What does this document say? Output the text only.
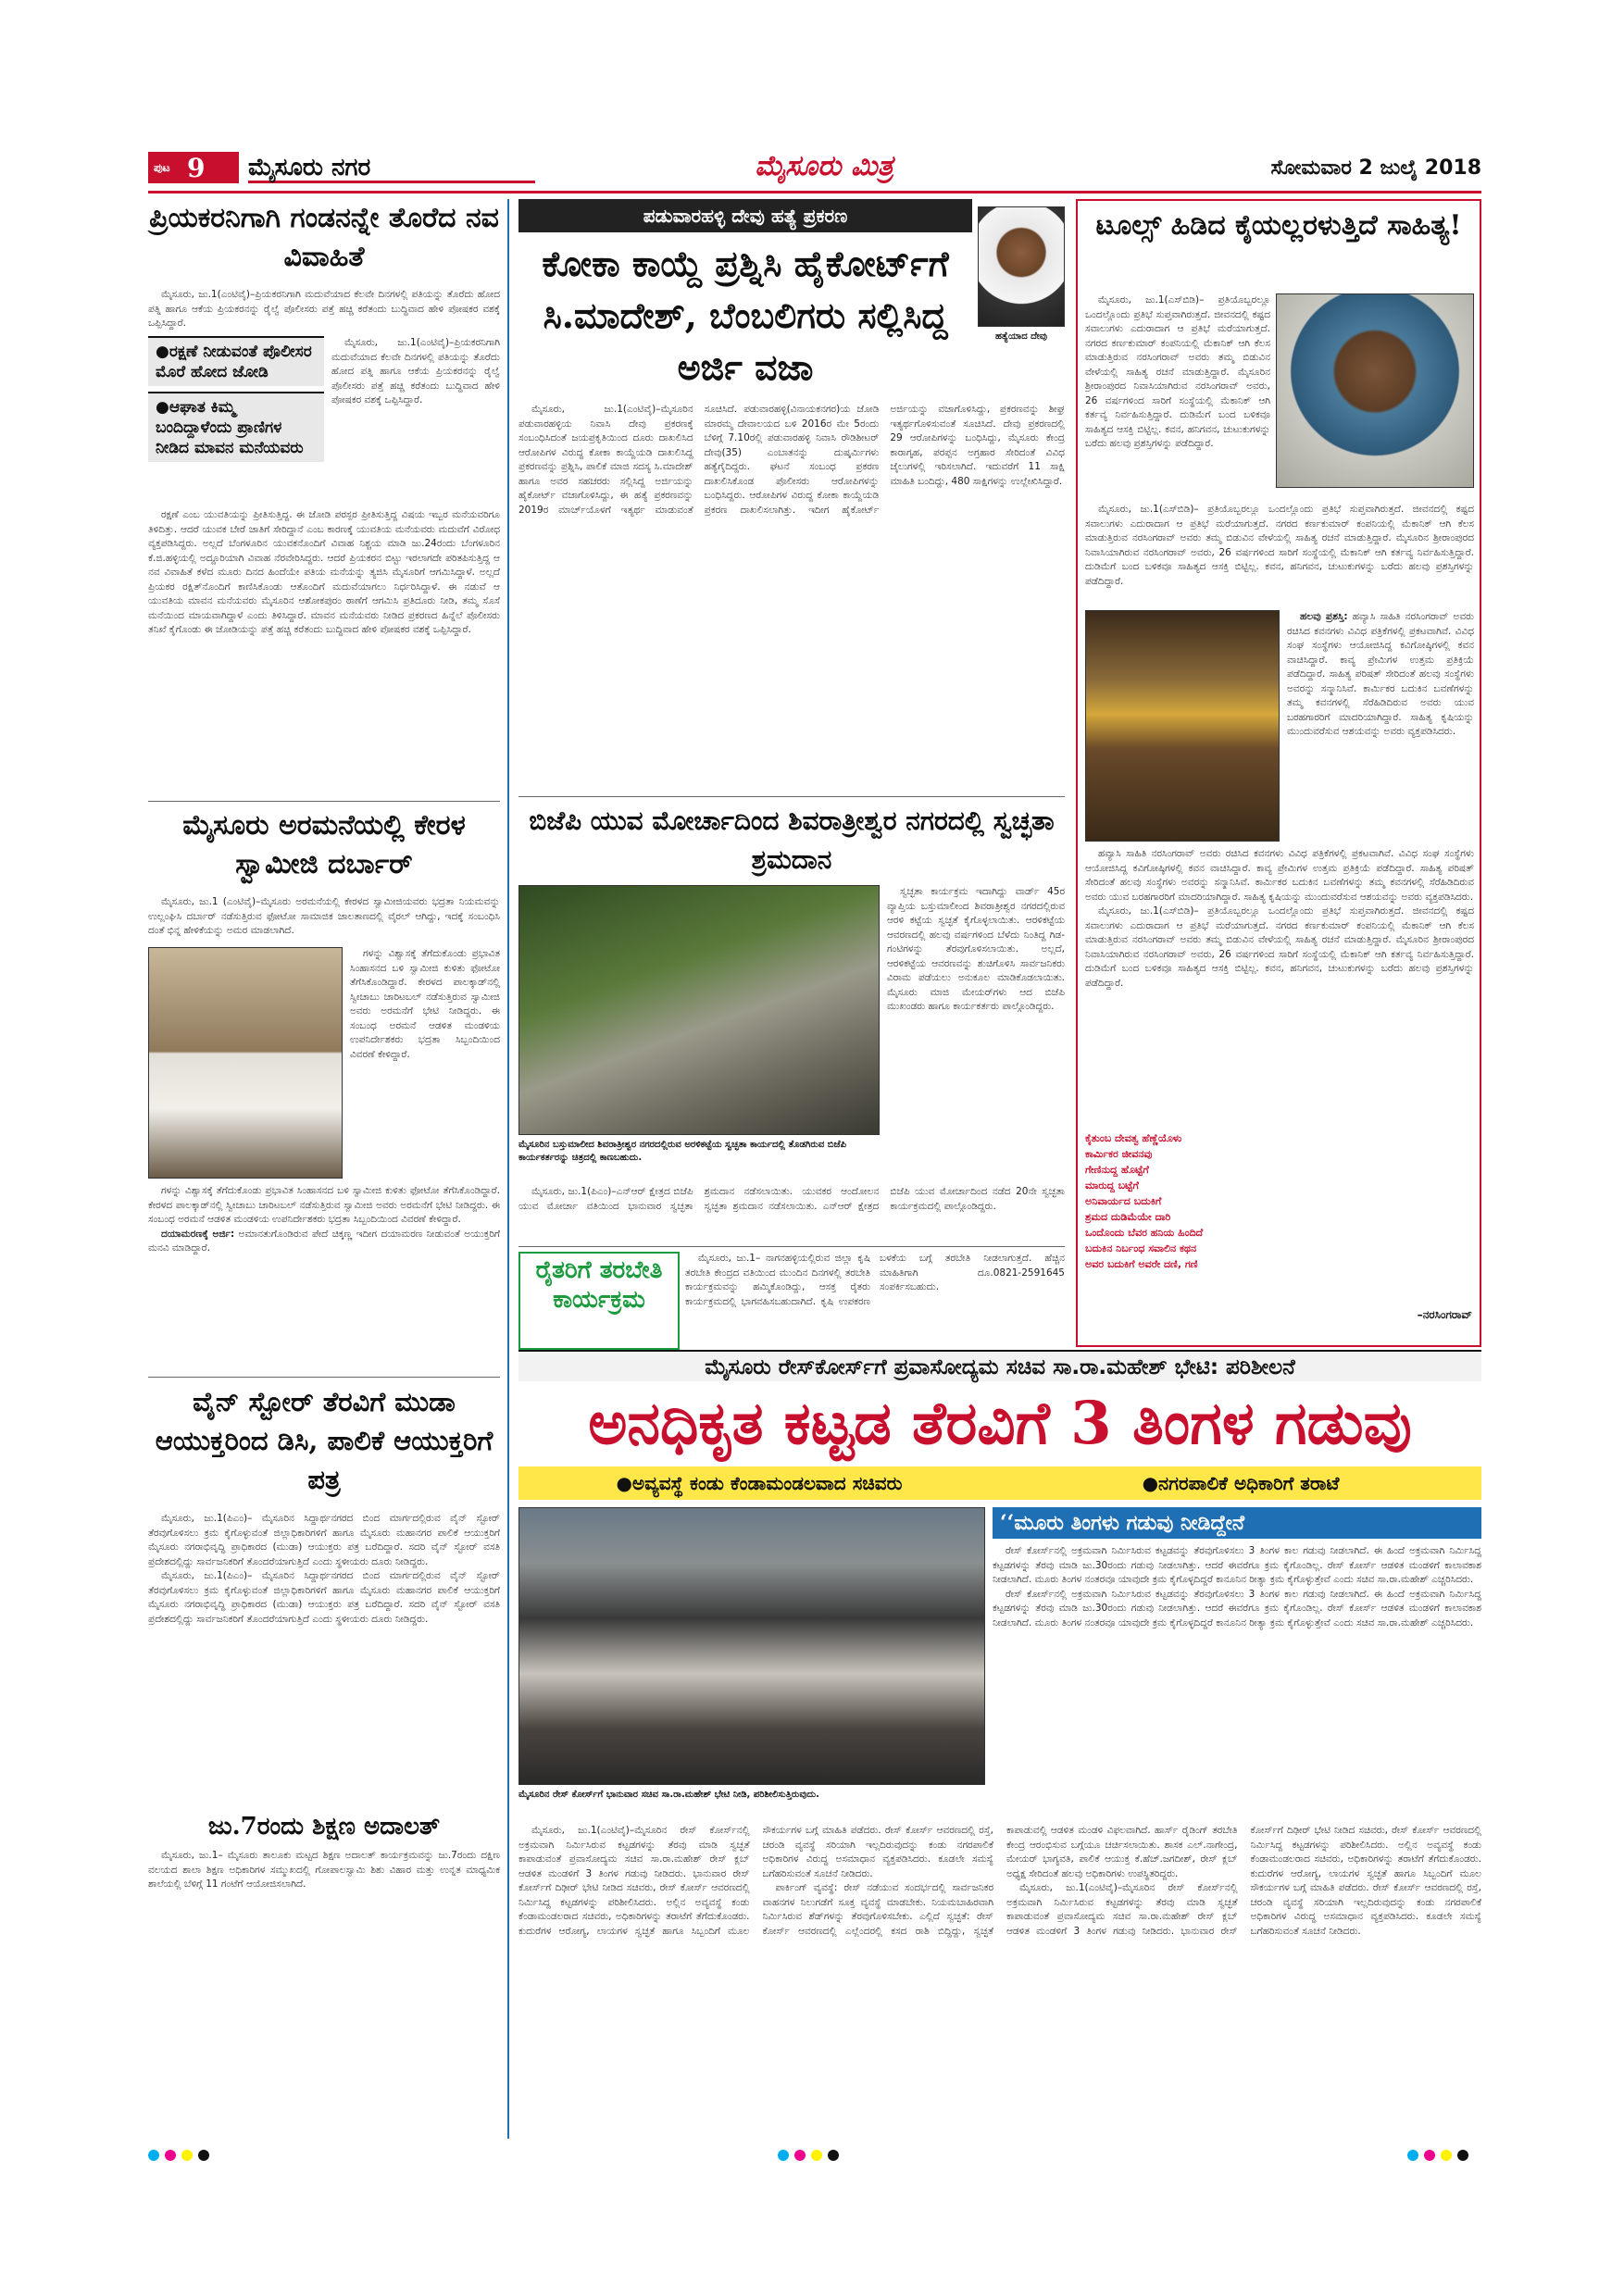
ಪುಟ 9 ಮೈಸೂರು ನಗರ	ಮೈಸೂರು ಮಿತ್ರ	ಸೋಮವಾರ 2 ಜುಲೈ 2018
ಪ್ರಿಯಕರನಿಗಾಗಿ ಗಂಡನನ್ನೇ ತೊರೆದ ನವ ವಿವಾಹಿತೆ

ಮೈಸೂರು, ಜು.1(ಎಂಟಿವೈ)–ಪ್ರಿಯಕರನಿಗಾಗಿ ಮದುವೆಯಾದ ಕೆಲವೇ ದಿನಗಳಲ್ಲಿ ಪತಿಯನ್ನು ತೊರೆದು ಹೋದ ಪತ್ನಿ ಹಾಗೂ ಆಕೆಯ ಪ್ರಿಯಕರನನ್ನು ರೈಲ್ವೆ ಪೊಲೀಸರು ಪತ್ತೆ ಹಚ್ಚಿ ಕರೆತಂದು ಬುದ್ಧಿವಾದ ಹೇಳಿ ಪೋಷಕರ ವಶಕ್ಕೆ ಒಪ್ಪಿಸಿದ್ದಾರೆ.

●ರಕ್ಷಣೆ ನೀಡುವಂತೆ ಪೊಲೀಸರ ಮೊರೆ ಹೋದ ಜೋಡಿ
●ಆಘಾತ ಕಿಮ್ಮ ಬಂದಿದ್ದಾಳೆಂದು ಪ್ರಾಣಿಗಳ ನೀಡಿದ ಮಾವನ ಮನೆಯವರು

ಮೈಸೂರು, ಜು.1(ಎಂಟಿವೈ)–ಪ್ರಿಯಕರನಿಗಾಗಿ ಮದುವೆಯಾದ ಕೆಲವೇ ದಿನಗಳಲ್ಲಿ ಪತಿಯನ್ನು ತೊರೆದು ಹೋದ ಪತ್ನಿ ಹಾಗೂ ಆಕೆಯ ಪ್ರಿಯಕರನನ್ನು ರೈಲ್ವೆ ಪೊಲೀಸರು ಪತ್ತೆ ಹಚ್ಚಿ ಕರೆತಂದು ಬುದ್ಧಿವಾದ ಹೇಳಿ ಪೋಷಕರ ವಶಕ್ಕೆ ಒಪ್ಪಿಸಿದ್ದಾರೆ.

ರಕ್ಷಣೆ ಎಂಬ ಯುವತಿಯನ್ನು ಪ್ರೀತಿಸುತ್ತಿದ್ದ. ಈ ಜೋಡಿ ಪರಸ್ಪರ ಪ್ರೀತಿಸುತ್ತಿದ್ದ ವಿಷಯ ಇಬ್ಬರ ಮನೆಯವರಿಗೂ ತಿಳಿದಿತ್ತು. ಆದರೆ ಯುವಕ ಬೇರೆ ಜಾತಿಗೆ ಸೇರಿದ್ದಾನೆ ಎಂಬ ಕಾರಣಕ್ಕೆ ಯುವತಿಯ ಮನೆಯವರು ಮದುವೆಗೆ ವಿರೋಧ ವ್ಯಕ್ತಪಡಿಸಿದ್ದರು. ಅಲ್ಲದೆ ಬೆಂಗಳೂರಿನ ಯುವಕನೊಂದಿಗೆ ವಿವಾಹ ನಿಶ್ಚಯ ಮಾಡಿ ಜು.24ರಂದು ಬೆಂಗಳೂರಿನ ಕೆ.ಜಿ.ಹಳ್ಳಿಯಲ್ಲಿ ಅದ್ದೂರಿಯಾಗಿ ವಿವಾಹ ನೆರವೇರಿಸಿದ್ದರು. ಆದರೆ ಪ್ರಿಯಕರನ ಬಿಟ್ಟು ಇರಲಾಗದೇ ಪರಿತಪಿಸುತ್ತಿದ್ದ ಆ ನವ ವಿವಾಹಿತೆ ಕಳೆದ ಮೂರು ದಿನದ ಹಿಂದೆಯೇ ಪತಿಯ ಮನೆಯನ್ನು ತ್ಯಜಿಸಿ ಮೈಸೂರಿಗೆ ಆಗಮಿಸಿದ್ದಾಳೆ. ಅಲ್ಲದೆ ಪ್ರಿಯಕರ ರಕ್ಷಿತ್‌ನೊಂದಿಗೆ ಕಾಣಿಸಿಕೊಂಡು ಆತೊಂದಿಗೆ ಮದುವೆಯಾಗಲು ನಿರ್ಧರಿಸಿದ್ದಾಳೆ. ಈ ನಡುವೆ ಆ ಯುವತಿಯ ಮಾವನ ಮನೆಯವರು ಮೈಸೂರಿನ ಆಶೋಕಪುರಂ ಠಾಣೆಗೆ ಆಗಮಿಸಿ ಪ್ರತಿದೂರು ನೀಡಿ, ತಮ್ಮ ಸೊಸೆ ಮನೆಯಿಂದ ಮಾಯವಾಗಿದ್ದಾಳೆ ಎಂದು ತಿಳಿಸಿದ್ದಾರೆ. ಮಾವನ ಮನೆಯವರು ನೀಡಿದ ಪ್ರಕರಣದ ಹಿನ್ನೆಲೆ ಪೊಲೀಸರು ತನಿಖೆ ಕೈಗೊಂಡು ಈ ಜೋಡಿಯನ್ನು ಪತ್ತೆ ಹಚ್ಚಿ ಕರೆತಂದು ಬುದ್ಧಿವಾದ ಹೇಳಿ ಪೋಷಕರ ವಶಕ್ಕೆ ಒಪ್ಪಿಸಿದ್ದಾರೆ.

ಮೈಸೂರು ಅರಮನೆಯಲ್ಲಿ ಕೇರಳ ಸ್ವಾಮೀಜಿ ದರ್ಬಾರ್

ಮೈಸೂರು, ಜು.1 (ಎಂಟಿವೈ)–ಮೈಸೂರು ಅರಮನೆಯಲ್ಲಿ ಕೇರಳದ ಸ್ವಾಮೀಜಿಯವರು ಭದ್ರತಾ ನಿಯಮವನ್ನು ಉಲ್ಲಂಘಿಸಿ ದರ್ಬಾರ್ ನಡೆಸುತ್ತಿರುವ ಫೋಟೋ ಸಾಮಾಜಿಕ ಜಾಲತಾಣದಲ್ಲಿ ವೈರಲ್ ಆಗಿದ್ದು, ಇದಕ್ಕೆ ಸಂಬಂಧಿಸಿ ದಂತೆ ಭಿನ್ನ ಹೇಳಿಕೆಯನ್ನು ಅಮರ ಮಾಡಲಾಗಿದೆ.

ಗಳನ್ನು ವಿಶ್ವಾಸಕ್ಕೆ ತೆಗೆದುಕೊಂಡು ಪ್ರಭಾವಿತ ಸಿಂಹಾಸನದ ಬಳಿ ಸ್ವಾಮೀಜಿ ಕುಳಿತು ಫೋಟೋ ತೆಗೆಸಿಕೊಂಡಿದ್ದಾರೆ. ಕೇರಳದ ಪಾಲಕ್ಕಾಡ್‌ನಲ್ಲಿ ಸ್ವೀಚಾಬು ಚಾರಿಟಬಲ್ ನಡೆಸುತ್ತಿರುವ ಸ್ವಾಮೀಜಿ ಅವರು ಅರಮನೆಗೆ ಭೇಟಿ ನೀಡಿದ್ದರು. ಈ ಸಂಬಂಧ ಅರಮನೆ ಆಡಳಿತ ಮಂಡಳಿಯ ಉಪನಿರ್ದೇಶಕರು ಭದ್ರತಾ ಸಿಬ್ಬಂದಿಯಿಂದ ವಿವರಣೆ ಕೇಳಿದ್ದಾರೆ.

ಗಳನ್ನು ವಿಶ್ವಾಸಕ್ಕೆ ತೆಗೆದುಕೊಂಡು ಪ್ರಭಾವಿತ ಸಿಂಹಾಸನದ ಬಳಿ ಸ್ವಾಮೀಜಿ ಕುಳಿತು ಫೋಟೋ ತೆಗೆಸಿಕೊಂಡಿದ್ದಾರೆ. ಕೇರಳದ ಪಾಲಕ್ಕಾಡ್‌ನಲ್ಲಿ ಸ್ವೀಚಾಬು ಚಾರಿಟಬಲ್ ನಡೆಸುತ್ತಿರುವ ಸ್ವಾಮೀಜಿ ಅವರು ಅರಮನೆಗೆ ಭೇಟಿ ನೀಡಿದ್ದರು. ಈ ಸಂಬಂಧ ಅರಮನೆ ಆಡಳಿತ ಮಂಡಳಿಯ ಉಪನಿರ್ದೇಶಕರು ಭದ್ರತಾ ಸಿಬ್ಬಂದಿಯಿಂದ ವಿವರಣೆ ಕೇಳಿದ್ದಾರೆ.

ದಯಾಮರಣಕ್ಕೆ ಅರ್ಜಿ: ಅಮಾನತುಗೊಂಡಿರುವ ಪೇದೆ ಚಿಕ್ಕಣ್ಣ ಇದೀಗ ದಯಾಮರಣ ನೀಡುವಂತೆ ಅಯುಕ್ತರಿಗೆ ಮನವಿ ಮಾಡಿದ್ದಾರೆ.

ವೈನ್ ಸ್ಟೋರ್ ತೆರವಿಗೆ ಮುಡಾ ಆಯುಕ್ತರಿಂದ ಡಿಸಿ, ಪಾಲಿಕೆ ಆಯುಕ್ತರಿಗೆ ಪತ್ರ

ಮೈಸೂರು, ಜು.1(ಪಿಎಂ)– ಮೈಸೂರಿನ ಸಿದ್ದಾರ್ಥನಗರದ ಬಿಂದ ಮಾರ್ಗದಲ್ಲಿರುವ ವೈನ್ ಸ್ಟೋರ್ ತೆರವುಗೊಳಿಸಲು ಕ್ರಮ ಕೈಗೊಳ್ಳುವಂತೆ ಜಿಲ್ಲಾಧಿಕಾರಿಗಳಿಗೆ ಹಾಗೂ ಮೈಸೂರು ಮಹಾನಗರ ಪಾಲಿಕೆ ಆಯುಕ್ತರಿಗೆ ಮೈಸೂರು ನಗರಾಭಿವೃದ್ಧಿ ಪ್ರಾಧಿಕಾರದ (ಮುಡಾ) ಆಯುಕ್ತರು ಪತ್ರ ಬರೆದಿದ್ದಾರೆ. ಸದರಿ ವೈನ್ ಸ್ಟೋರ್ ವಸತಿ ಪ್ರದೇಶದಲ್ಲಿದ್ದು ಸಾರ್ವಜನಿಕರಿಗೆ ತೊಂದರೆಯಾಗುತ್ತಿದೆ ಎಂದು ಸ್ಥಳೀಯರು ದೂರು ನೀಡಿದ್ದರು.

ಮೈಸೂರು, ಜು.1(ಪಿಎಂ)– ಮೈಸೂರಿನ ಸಿದ್ದಾರ್ಥನಗರದ ಬಿಂದ ಮಾರ್ಗದಲ್ಲಿರುವ ವೈನ್ ಸ್ಟೋರ್ ತೆರವುಗೊಳಿಸಲು ಕ್ರಮ ಕೈಗೊಳ್ಳುವಂತೆ ಜಿಲ್ಲಾಧಿಕಾರಿಗಳಿಗೆ ಹಾಗೂ ಮೈಸೂರು ಮಹಾನಗರ ಪಾಲಿಕೆ ಆಯುಕ್ತರಿಗೆ ಮೈಸೂರು ನಗರಾಭಿವೃದ್ಧಿ ಪ್ರಾಧಿಕಾರದ (ಮುಡಾ) ಆಯುಕ್ತರು ಪತ್ರ ಬರೆದಿದ್ದಾರೆ. ಸದರಿ ವೈನ್ ಸ್ಟೋರ್ ವಸತಿ ಪ್ರದೇಶದಲ್ಲಿದ್ದು ಸಾರ್ವಜನಿಕರಿಗೆ ತೊಂದರೆಯಾಗುತ್ತಿದೆ ಎಂದು ಸ್ಥಳೀಯರು ದೂರು ನೀಡಿದ್ದರು.

ಜು.7ರಂದು ಶಿಕ್ಷಣ ಅದಾಲತ್

ಮೈಸೂರು, ಜು.1– ಮೈಸೂರು ತಾಲೂಕು ಮಟ್ಟದ ಶಿಕ್ಷಣ ಅದಾಲತ್ ಕಾರ್ಯಕ್ರಮವನ್ನು ಜು.7ರಂದು ದಕ್ಷಿಣ ವಲಯದ ಶಾಲಾ ಶಿಕ್ಷಣ ಅಧಿಕಾರಿಗಳ ಸಮ್ಮುಖದಲ್ಲಿ ಗೋಪಾಲಸ್ವಾಮಿ ಶಿಶು ವಿಹಾರ ಮತ್ತು ಉನ್ನತ ಮಾಧ್ಯಮಿಕ ಶಾಲೆಯಲ್ಲಿ ಬೆಳಿಗ್ಗೆ 11 ಗಂಟೆಗೆ ಆಯೋಜಿಸಲಾಗಿದೆ.

ಪಡುವಾರಹಳ್ಳಿ ದೇವು ಹತ್ಯೆ ಪ್ರಕರಣ
ಕೋಕಾ ಕಾಯ್ದೆ ಪ್ರಶ್ನಿಸಿ ಹೈಕೋರ್ಟ್‌ಗೆ ಸಿ.ಮಾದೇಶ್, ಬೆಂಬಲಿಗರು ಸಲ್ಲಿಸಿದ್ದ ಅರ್ಜಿ ವಜಾ
ಹತ್ಯೆಯಾದ ದೇವು

ಮೈಸೂರು, ಜು.1(ಎಂಟಿವೈ)–ಮೈಸೂರಿನ ಪಡುವಾರಹಳ್ಳಿಯ ನಿವಾಸಿ ದೇವು ಪ್ರಕರಣಕ್ಕೆ ಸಂಬಂಧಿಸಿದಂತೆ ಜಯಪ್ರಕೃತಿಯಿಂದ ದೂರು ದಾಖಲಿಸಿದ ಆರೋಪಿಗಳ ವಿರುದ್ಧ ಕೋಕಾ ಕಾಯ್ದೆಯಡಿ ದಾಖಲಿಸಿದ್ದ ಪ್ರಕರಣವನ್ನು ಪ್ರಶ್ನಿಸಿ, ಪಾಲಿಕೆ ಮಾಜಿ ಸದಸ್ಯ ಸಿ.ಮಾದೇಶ್ ಹಾಗೂ ಅವರ ಸಹಚರರು ಸಲ್ಲಿಸಿದ್ದ ಅರ್ಜಿಯನ್ನು ಹೈಕೋರ್ಟ್ ವಜಾಗೊಳಿಸಿದ್ದು, ಈ ಹತ್ಯೆ ಪ್ರಕರಣವನ್ನು 2019ರ ಮಾರ್ಚ್‌ಯೊಳಗೆ ಇತ್ಯರ್ಥ ಮಾಡುವಂತೆ ಸೂಚಿಸಿದೆ. ಪಡುವಾರಹಳ್ಳಿ(ವಿನಾಯಕನಗರ)ಯ ಜೋಡಿ ಮಾರಮ್ಮ ದೇವಾಲಯದ ಬಳಿ 2016ರ ಮೇ 5ರಂದು ಬೆಳಿಗ್ಗೆ 7.10ರಲ್ಲಿ ಪಡುವಾರಹಳ್ಳಿ ನಿವಾಸಿ ರೌಡಿಶೀಟರ್ ದೇವು(35) ಎಂಬಾತನನ್ನು ದುಷ್ಕರ್ಮಿಗಳು ಹತ್ಯೆಗೈದಿದ್ದರು. ಘಟನೆ ಸಂಬಂಧ ಪ್ರಕರಣ ದಾಖಲಿಸಿಕೊಂಡ ಪೊಲೀಸರು ಆರೋಪಿಗಳನ್ನು ಬಂಧಿಸಿದ್ದರು. ಆರೋಪಿಗಳ ವಿರುದ್ಧ ಕೋಕಾ ಕಾಯ್ದೆಯಡಿ ಪ್ರಕರಣ ದಾಖಲಿಸಲಾಗಿತ್ತು. ಇದೀಗ ಹೈಕೋರ್ಟ್ ಅರ್ಜಿಯನ್ನು ವಜಾಗೊಳಿಸಿದ್ದು, ಪ್ರಕರಣವನ್ನು ಶೀಘ್ರ ಇತ್ಯರ್ಥಗೊಳಿಸುವಂತೆ ಸೂಚಿಸಿದೆ. ದೇವು ಪ್ರಕರಣದಲ್ಲಿ 29 ಆರೋಪಿಗಳನ್ನು ಬಂಧಿಸಿದ್ದು, ಮೈಸೂರು ಕೇಂದ್ರ ಕಾರಾಗೃಹ, ಪರಪ್ಪನ ಅಗ್ರಹಾರ ಸೇರಿದಂತೆ ವಿವಿಧ ಜೈಲುಗಳಲ್ಲಿ ಇರಿಸಲಾಗಿದೆ. ಇದುವರೆಗೆ 11 ಸಾಕ್ಷಿ ಮಾಹಿತಿ ಬಂದಿದ್ದು, 480 ಸಾಕ್ಷಿಗಳನ್ನು ಉಲ್ಲೇಖಿಸಿದ್ದಾರೆ.

ಬಿಜೆಪಿ ಯುವ ಮೋರ್ಚಾದಿಂದ ಶಿವರಾತ್ರೀಶ್ವರ ನಗರದಲ್ಲಿ ಸ್ವಚ್ಛತಾ ಶ್ರಮದಾನ

ಸ್ವಚ್ಛತಾ ಕಾರ್ಯಕ್ರಮ ಇದಾಗಿದ್ದು ವಾರ್ಡ್ 45ರ ವ್ಯಾಪ್ತಿಯ ಬಸ್ತುಮಾಲೀಂದ ಶಿವರಾತ್ರೀಶ್ವರ ನಗರದಲ್ಲಿರುವ ಆರಳಿ ಕಟ್ಟೆಯ ಸ್ವಚ್ಛತೆ ಕೈಗೊಳ್ಳಲಾಯಿತು. ಆರಳಿಕಟ್ಟೆಯ ಆವರಣದಲ್ಲಿ ಹಲವು ವರ್ಷಗಳಿಂದ ಬೆಳೆದು ನಿಂತಿದ್ದ ಗಿಡ-ಗಂಟಿಗಳನ್ನು ತೆರವುಗೊಳಿಸಲಾಯಿತು. ಅಲ್ಲದೆ, ಆರಳಿಕಟ್ಟೆಯ ಆವರಣವನ್ನು ಶುಚಿಗೊಳಿಸಿ ಸಾರ್ವಜನಿಕರು ವಿರಾಮ ಪಡೆಯಲು ಅನುಕೂಲ ಮಾಡಿಕೊಡಲಾಯಿತು. ಮೈಸೂರು ಮಾಜಿ ಮೇಯರ್‌ಗಳು ಆದ ಬಿಜೆಪಿ ಮುಖಂಡರು ಹಾಗೂ ಕಾರ್ಯಕರ್ತರು ಪಾಲ್ಗೊಂಡಿದ್ದರು.

ಮೈಸೂರಿನ ಬಸ್ತುಮಾಲೀದ ಶಿವರಾತ್ರೀಶ್ವರ ನಗರದಲ್ಲಿರುವ ಅರಳಿಕಟ್ಟೆಯ ಸ್ವಚ್ಛತಾ ಕಾರ್ಯದಲ್ಲಿ ತೊಡಗಿರುವ ಬಿಜೆಪಿ ಕಾರ್ಯಕರ್ತರನ್ನು ಚಿತ್ರದಲ್ಲಿ ಕಾಣಬಹುದು.

ಮೈಸೂರು, ಜು.1(ಪಿಎಂ)–ಎನ್‌ಆರ್ ಕ್ಷೇತ್ರದ ಬಿಜೆಪಿ ಯುವ ಮೋರ್ಚಾ ವತಿಯಿಂದ ಭಾನುವಾರ ಸ್ವಚ್ಛತಾ ಶ್ರಮದಾನ ನಡೆಸಲಾಯಿತು. ಯುವಕರ ಆಂದೋಲನ ಸ್ವಚ್ಛತಾ ಶ್ರಮದಾನ ನಡೆಸಲಾಯಿತು. ಎನ್‌ಆರ್ ಕ್ಷೇತ್ರದ ಬಿಜೆಪಿ ಯುವ ಮೋರ್ಚಾದಿಂದ ನಡೆದ 20ನೇ ಸ್ವಚ್ಛತಾ ಕಾರ್ಯಕ್ರಮದಲ್ಲಿ ಪಾಲ್ಗೊಂಡಿದ್ದರು.

ರೈತರಿಗೆ ತರಬೇತಿ ಕಾರ್ಯಕ್ರಮ

ಮೈಸೂರು, ಜು.1– ನಾಗನಹಳ್ಳಿಯಲ್ಲಿರುವ ಜಿಲ್ಲಾ ಕೃಷಿ ತರಬೇತಿ ಕೇಂದ್ರದ ವತಿಯಿಂದ ಮುಂದಿನ ದಿನಗಳಲ್ಲಿ ತರಬೇತಿ ಕಾರ್ಯಕ್ರಮವನ್ನು ಹಮ್ಮಿಕೊಂಡಿದ್ದು, ಆಸಕ್ತ ರೈತರು ಕಾರ್ಯಕ್ರಮದಲ್ಲಿ ಭಾಗವಹಿಸಬಹುದಾಗಿದೆ. ಕೃಷಿ ಉಪಕರಣ ಬಳಕೆಯ ಬಗ್ಗೆ ತರಬೇತಿ ನೀಡಲಾಗುತ್ತದೆ. ಹೆಚ್ಚಿನ ಮಾಹಿತಿಗಾಗಿ ದೂ.0821-2591645 ಸಂಪರ್ಕಿಸಬಹುದು.

ಟೂಲ್ಸ್ ಹಿಡಿದ ಕೈಯಲ್ಲರಳುತ್ತಿದೆ ಸಾಹಿತ್ಯ!

ಮೈಸೂರು, ಜು.1(ಎಸ್‌ಬಿಡಿ)– ಪ್ರತಿಯೊಬ್ಬರಲ್ಲೂ ಒಂದಲ್ಲೊಂದು ಪ್ರತಿಭೆ ಸುಪ್ತವಾಗಿರುತ್ತದೆ. ಜೀವನದಲ್ಲಿ ಕಷ್ಟದ ಸವಾಲುಗಳು ಎದುರಾದಾಗ ಆ ಪ್ರತಿಭೆ ಮರೆಯಾಗುತ್ತದೆ. ನಗರದ ಕರ್ಣಕುಮಾರ್ ಕಂಪನಿಯಲ್ಲಿ ಮೆಕಾನಿಕ್ ಆಗಿ ಕೆಲಸ ಮಾಡುತ್ತಿರುವ ನರಸಿಂಗರಾವ್ ಅವರು ತಮ್ಮ ಬಿಡುವಿನ ವೇಳೆಯಲ್ಲಿ ಸಾಹಿತ್ಯ ರಚನೆ ಮಾಡುತ್ತಿದ್ದಾರೆ. ಮೈಸೂರಿನ ಶ್ರೀರಾಂಪುರದ ನಿವಾಸಿಯಾಗಿರುವ ನರಸಿಂಗರಾವ್ ಅವರು, 26 ವರ್ಷಗಳಿಂದ ಸಾರಿಗೆ ಸಂಸ್ಥೆಯಲ್ಲಿ ಮೆಕಾನಿಕ್ ಆಗಿ ಕರ್ತವ್ಯ ನಿರ್ವಹಿಸುತ್ತಿದ್ದಾರೆ. ದುಡಿಮೆಗೆ ಬಂದ ಬಳಿಕವೂ ಸಾಹಿತ್ಯದ ಆಸಕ್ತಿ ಬಿಟ್ಟಿಲ್ಲ. ಕವನ, ಹನಿಗವನ, ಚುಟುಕುಗಳನ್ನು ಬರೆದು ಹಲವು ಪ್ರಶಸ್ತಿಗಳನ್ನು ಪಡೆದಿದ್ದಾರೆ.

ಮೈಸೂರು, ಜು.1(ಎಸ್‌ಬಿಡಿ)– ಪ್ರತಿಯೊಬ್ಬರಲ್ಲೂ ಒಂದಲ್ಲೊಂದು ಪ್ರತಿಭೆ ಸುಪ್ತವಾಗಿರುತ್ತದೆ. ಜೀವನದಲ್ಲಿ ಕಷ್ಟದ ಸವಾಲುಗಳು ಎದುರಾದಾಗ ಆ ಪ್ರತಿಭೆ ಮರೆಯಾಗುತ್ತದೆ. ನಗರದ ಕರ್ಣಕುಮಾರ್ ಕಂಪನಿಯಲ್ಲಿ ಮೆಕಾನಿಕ್ ಆಗಿ ಕೆಲಸ ಮಾಡುತ್ತಿರುವ ನರಸಿಂಗರಾವ್ ಅವರು ತಮ್ಮ ಬಿಡುವಿನ ವೇಳೆಯಲ್ಲಿ ಸಾಹಿತ್ಯ ರಚನೆ ಮಾಡುತ್ತಿದ್ದಾರೆ. ಮೈಸೂರಿನ ಶ್ರೀರಾಂಪುರದ ನಿವಾಸಿಯಾಗಿರುವ ನರಸಿಂಗರಾವ್ ಅವರು, 26 ವರ್ಷಗಳಿಂದ ಸಾರಿಗೆ ಸಂಸ್ಥೆಯಲ್ಲಿ ಮೆಕಾನಿಕ್ ಆಗಿ ಕರ್ತವ್ಯ ನಿರ್ವಹಿಸುತ್ತಿದ್ದಾರೆ. ದುಡಿಮೆಗೆ ಬಂದ ಬಳಿಕವೂ ಸಾಹಿತ್ಯದ ಆಸಕ್ತಿ ಬಿಟ್ಟಿಲ್ಲ. ಕವನ, ಹನಿಗವನ, ಚುಟುಕುಗಳನ್ನು ಬರೆದು ಹಲವು ಪ್ರಶಸ್ತಿಗಳನ್ನು ಪಡೆದಿದ್ದಾರೆ.

ಹಲವು ಪ್ರಶಸ್ತಿ: ಹವ್ಯಾಸಿ ಸಾಹಿತಿ ನರಸಿಂಗರಾವ್ ಅವರು ರಚಿಸಿದ ಕವನಗಳು ವಿವಿಧ ಪತ್ರಿಕೆಗಳಲ್ಲಿ ಪ್ರಕಟವಾಗಿವೆ. ವಿವಿಧ ಸಂಘ ಸಂಸ್ಥೆಗಳು ಆಯೋಜಿಸಿದ್ದ ಕವಿಗೋಷ್ಠಿಗಳಲ್ಲಿ ಕವನ ವಾಚಿಸಿದ್ದಾರೆ. ಕಾವ್ಯ ಪ್ರೇಮಿಗಳ ಉತ್ತಮ ಪ್ರತಿಕ್ರಿಯೆ ಪಡೆದಿದ್ದಾರೆ. ಸಾಹಿತ್ಯ ಪರಿಷತ್ ಸೇರಿದಂತೆ ಹಲವು ಸಂಸ್ಥೆಗಳು ಅವರನ್ನು ಸನ್ಮಾನಿಸಿವೆ. ಕಾರ್ಮಿಕರ ಬದುಕಿನ ಬವಣೆಗಳನ್ನು ತಮ್ಮ ಕವನಗಳಲ್ಲಿ ಸೆರೆಹಿಡಿದಿರುವ ಅವರು ಯುವ ಬರಹಗಾರರಿಗೆ ಮಾದರಿಯಾಗಿದ್ದಾರೆ. ಸಾಹಿತ್ಯ ಕೃಷಿಯನ್ನು ಮುಂದುವರೆಸುವ ಆಶಯವನ್ನು ಅವರು ವ್ಯಕ್ತಪಡಿಸಿದರು.

ಹವ್ಯಾಸಿ ಸಾಹಿತಿ ನರಸಿಂಗರಾವ್ ಅವರು ರಚಿಸಿದ ಕವನಗಳು ವಿವಿಧ ಪತ್ರಿಕೆಗಳಲ್ಲಿ ಪ್ರಕಟವಾಗಿವೆ. ವಿವಿಧ ಸಂಘ ಸಂಸ್ಥೆಗಳು ಆಯೋಜಿಸಿದ್ದ ಕವಿಗೋಷ್ಠಿಗಳಲ್ಲಿ ಕವನ ವಾಚಿಸಿದ್ದಾರೆ. ಕಾವ್ಯ ಪ್ರೇಮಿಗಳ ಉತ್ತಮ ಪ್ರತಿಕ್ರಿಯೆ ಪಡೆದಿದ್ದಾರೆ. ಸಾಹಿತ್ಯ ಪರಿಷತ್ ಸೇರಿದಂತೆ ಹಲವು ಸಂಸ್ಥೆಗಳು ಅವರನ್ನು ಸನ್ಮಾನಿಸಿವೆ. ಕಾರ್ಮಿಕರ ಬದುಕಿನ ಬವಣೆಗಳನ್ನು ತಮ್ಮ ಕವನಗಳಲ್ಲಿ ಸೆರೆಹಿಡಿದಿರುವ ಅವರು ಯುವ ಬರಹಗಾರರಿಗೆ ಮಾದರಿಯಾಗಿದ್ದಾರೆ. ಸಾಹಿತ್ಯ ಕೃಷಿಯನ್ನು ಮುಂದುವರೆಸುವ ಆಶಯವನ್ನು ಅವರು ವ್ಯಕ್ತಪಡಿಸಿದರು.

ಮೈಸೂರು, ಜು.1(ಎಸ್‌ಬಿಡಿ)– ಪ್ರತಿಯೊಬ್ಬರಲ್ಲೂ ಒಂದಲ್ಲೊಂದು ಪ್ರತಿಭೆ ಸುಪ್ತವಾಗಿರುತ್ತದೆ. ಜೀವನದಲ್ಲಿ ಕಷ್ಟದ ಸವಾಲುಗಳು ಎದುರಾದಾಗ ಆ ಪ್ರತಿಭೆ ಮರೆಯಾಗುತ್ತದೆ. ನಗರದ ಕರ್ಣಕುಮಾರ್ ಕಂಪನಿಯಲ್ಲಿ ಮೆಕಾನಿಕ್ ಆಗಿ ಕೆಲಸ ಮಾಡುತ್ತಿರುವ ನರಸಿಂಗರಾವ್ ಅವರು ತಮ್ಮ ಬಿಡುವಿನ ವೇಳೆಯಲ್ಲಿ ಸಾಹಿತ್ಯ ರಚನೆ ಮಾಡುತ್ತಿದ್ದಾರೆ. ಮೈಸೂರಿನ ಶ್ರೀರಾಂಪುರದ ನಿವಾಸಿಯಾಗಿರುವ ನರಸಿಂಗರಾವ್ ಅವರು, 26 ವರ್ಷಗಳಿಂದ ಸಾರಿಗೆ ಸಂಸ್ಥೆಯಲ್ಲಿ ಮೆಕಾನಿಕ್ ಆಗಿ ಕರ್ತವ್ಯ ನಿರ್ವಹಿಸುತ್ತಿದ್ದಾರೆ. ದುಡಿಮೆಗೆ ಬಂದ ಬಳಿಕವೂ ಸಾಹಿತ್ಯದ ಆಸಕ್ತಿ ಬಿಟ್ಟಿಲ್ಲ. ಕವನ, ಹನಿಗವನ, ಚುಟುಕುಗಳನ್ನು ಬರೆದು ಹಲವು ಪ್ರಶಸ್ತಿಗಳನ್ನು ಪಡೆದಿದ್ದಾರೆ.

ಕೈತುಂಬ ದೇವತ್ವ ಹೆಣ್ಣೆಯೊಳು
ಕಾರ್ಮಿಕರ ಜೀವನವು
ಗೇಣಿನುದ್ದ ಹೊಟ್ಟೆಗೆ
ಮಾರುದ್ದ ಬಟ್ಟೆಗೆ
ಅನಿವಾರ್ಯದ ಬದುಕಿಗೆ
ಶ್ರಮದ ದುಡಿಮೆಯೇ ದಾರಿ
ಒಂದೊಂದು ಬೆವರ ಹನಿಯ ಹಿಂದಿದೆ
ಬದುಕಿನ ನಿರ್ಬಂಧ ಸವಾಲಿನ ಕಥನ
ಅವರ ಬದುಕಿಗೆ ಅವರೇ ದಣಿ, ಗಣಿ
–ನರಸಿಂಗರಾವ್
ಮೈಸೂರು ರೇಸ್‌ಕೋರ್ಸ್‌ಗೆ ಪ್ರವಾಸೋದ್ಯಮ ಸಚಿವ ಸಾ.ರಾ.ಮಹೇಶ್ ಭೇಟಿ: ಪರಿಶೀಲನೆ
ಅನಧಿಕೃತ ಕಟ್ಟಡ ತೆರವಿಗೆ 3 ತಿಂಗಳ ಗಡುವು
●ಅವ್ಯವಸ್ಥೆ ಕಂಡು ಕೆಂಡಾಮಂಡಲವಾದ ಸಚಿವರು	●ನಗರಪಾಲಿಕೆ ಅಧಿಕಾರಿಗೆ ತರಾಟೆ
ಮೈಸೂರಿನ ರೇಸ್ ಕೋರ್ಸ್‌ಗೆ ಭಾನುವಾರ ಸಚಿವ ಸಾ.ರಾ.ಮಹೇಶ್ ಭೇಟಿ ನೀಡಿ, ಪರಿಶೀಲಿಸುತ್ತಿರುವುದು.
‘‘ಮೂರು ತಿಂಗಳು ಗಡುವು ನೀಡಿದ್ದೇನೆ

ರೇಸ್ ಕೋರ್ಸ್‌ನಲ್ಲಿ ಅಕ್ರಮವಾಗಿ ನಿರ್ಮಿಸಿರುವ ಕಟ್ಟಡವನ್ನು ತೆರವುಗೊಳಿಸಲು 3 ತಿಂಗಳ ಕಾಲ ಗಡುವು ನೀಡಲಾಗಿದೆ. ಈ ಹಿಂದೆ ಅಕ್ರಮವಾಗಿ ನಿರ್ಮಿಸಿದ್ದ ಕಟ್ಟಡಗಳನ್ನು ತೆರವು ಮಾಡಿ ಜು.30ರಂದು ಗಡುವು ನೀಡಲಾಗಿತ್ತು. ಆದರೆ ಈವರೆಗೂ ಕ್ರಮ ಕೈಗೊಂಡಿಲ್ಲ. ರೇಸ್ ಕೋರ್ಸ್ ಆಡಳಿತ ಮಂಡಳಿಗೆ ಕಾಲಾವಕಾಶ ನೀಡಲಾಗಿದೆ. ಮೂರು ತಿಂಗಳ ನಂತರವೂ ಯಾವುದೇ ಕ್ರಮ ಕೈಗೊಳ್ಳದಿದ್ದರೆ ಕಾನೂನಿನ ರೀತ್ಯಾ ಕ್ರಮ ಕೈಗೊಳ್ಳುತ್ತೇವೆ ಎಂದು ಸಚಿವ ಸಾ.ರಾ.ಮಹೇಶ್ ಎಚ್ಚರಿಸಿದರು.

ರೇಸ್ ಕೋರ್ಸ್‌ನಲ್ಲಿ ಅಕ್ರಮವಾಗಿ ನಿರ್ಮಿಸಿರುವ ಕಟ್ಟಡವನ್ನು ತೆರವುಗೊಳಿಸಲು 3 ತಿಂಗಳ ಕಾಲ ಗಡುವು ನೀಡಲಾಗಿದೆ. ಈ ಹಿಂದೆ ಅಕ್ರಮವಾಗಿ ನಿರ್ಮಿಸಿದ್ದ ಕಟ್ಟಡಗಳನ್ನು ತೆರವು ಮಾಡಿ ಜು.30ರಂದು ಗಡುವು ನೀಡಲಾಗಿತ್ತು. ಆದರೆ ಈವರೆಗೂ ಕ್ರಮ ಕೈಗೊಂಡಿಲ್ಲ. ರೇಸ್ ಕೋರ್ಸ್ ಆಡಳಿತ ಮಂಡಳಿಗೆ ಕಾಲಾವಕಾಶ ನೀಡಲಾಗಿದೆ. ಮೂರು ತಿಂಗಳ ನಂತರವೂ ಯಾವುದೇ ಕ್ರಮ ಕೈಗೊಳ್ಳದಿದ್ದರೆ ಕಾನೂನಿನ ರೀತ್ಯಾ ಕ್ರಮ ಕೈಗೊಳ್ಳುತ್ತೇವೆ ಎಂದು ಸಚಿವ ಸಾ.ರಾ.ಮಹೇಶ್ ಎಚ್ಚರಿಸಿದರು.

ಮೈಸೂರು, ಜು.1(ಎಂಟಿವೈ)–ಮೈಸೂರಿನ ರೇಸ್ ಕೋರ್ಸ್‌ನಲ್ಲಿ ಅಕ್ರಮವಾಗಿ ನಿರ್ಮಿಸಿರುವ ಕಟ್ಟಡಗಳನ್ನು ತೆರವು ಮಾಡಿ ಸ್ವಚ್ಛತೆ ಕಾಪಾಡುವಂತೆ ಪ್ರವಾಸೋದ್ಯಮ ಸಚಿವ ಸಾ.ರಾ.ಮಹೇಶ್ ರೇಸ್ ಕ್ಲಬ್ ಆಡಳಿತ ಮಂಡಳಿಗೆ 3 ತಿಂಗಳ ಗಡುವು ನೀಡಿದರು. ಭಾನುವಾರ ರೇಸ್ ಕೋರ್ಸ್‌ಗೆ ದಿಢೀರ್ ಭೇಟಿ ನೀಡಿದ ಸಚಿವರು, ರೇಸ್ ಕೋರ್ಸ್ ಆವರಣದಲ್ಲಿ ನಿರ್ಮಿಸಿದ್ದ ಕಟ್ಟಡಗಳನ್ನು ಪರಿಶೀಲಿಸಿದರು. ಅಲ್ಲಿನ ಅವ್ಯವಸ್ಥೆ ಕಂಡು ಕೆಂಡಾಮಂಡಲರಾದ ಸಚಿವರು, ಅಧಿಕಾರಿಗಳನ್ನು ತರಾಟೆಗೆ ತೆಗೆದುಕೊಂಡರು. ಕುದುರೆಗಳ ಆರೋಗ್ಯ, ಲಾಯಗಳ ಸ್ವಚ್ಛತೆ ಹಾಗೂ ಸಿಬ್ಬಂದಿಗೆ ಮೂಲ ಸೌಕರ್ಯಗಳ ಬಗ್ಗೆ ಮಾಹಿತಿ ಪಡೆದರು. ರೇಸ್ ಕೋರ್ಸ್ ಆವರಣದಲ್ಲಿ ರಸ್ತೆ, ಚರಂಡಿ ವ್ಯವಸ್ಥೆ ಸರಿಯಾಗಿ ಇಲ್ಲದಿರುವುದನ್ನು ಕಂಡು ನಗರಪಾಲಿಕೆ ಅಧಿಕಾರಿಗಳ ವಿರುದ್ಧ ಅಸಮಾಧಾನ ವ್ಯಕ್ತಪಡಿಸಿದರು. ಕೂಡಲೇ ಸಮಸ್ಯೆ ಬಗೆಹರಿಸುವಂತೆ ಸೂಚನೆ ನೀಡಿದರು.

ಪಾರ್ಕಿಂಗ್ ವ್ಯವಸ್ಥೆ: ರೇಸ್ ನಡೆಯುವ ಸಂದರ್ಭದಲ್ಲಿ ಸಾರ್ವಜನಿಕರ ವಾಹನಗಳ ನಿಲುಗಡೆಗೆ ಸೂಕ್ತ ವ್ಯವಸ್ಥೆ ಮಾಡಬೇಕು. ನಿಯಮಬಾಹಿರವಾಗಿ ನಿರ್ಮಿಸಿರುವ ಶೆಡ್‌ಗಳನ್ನು ತೆರವುಗೊಳಿಸಬೇಕು. ಎಲ್ಲಿದೆ ಸ್ವಚ್ಛತೆ: ರೇಸ್ ಕೋರ್ಸ್ ಆವರಣದಲ್ಲಿ ಎಲ್ಲೆಂದರಲ್ಲಿ ಕಸದ ರಾಶಿ ಬಿದ್ದಿದ್ದು, ಸ್ವಚ್ಛತೆ ಕಾಪಾಡುವಲ್ಲಿ ಆಡಳಿತ ಮಂಡಳಿ ವಿಫಲವಾಗಿದೆ. ಹಾರ್ಸ್ ರೈಡಿಂಗ್ ತರಬೇತಿ ಕೇಂದ್ರ ಆರಂಭಿಸುವ ಬಗ್ಗೆಯೂ ಚರ್ಚಿಸಲಾಯಿತು. ಶಾಸಕ ಎಲ್.ನಾಗೇಂದ್ರ, ಮೇಯರ್ ಭಾಗ್ಯವತಿ, ಪಾಲಿಕೆ ಆಯುಕ್ತ ಕೆ.ಹೆಚ್.ಜಗದೀಶ್, ರೇಸ್ ಕ್ಲಬ್ ಅಧ್ಯಕ್ಷ ಸೇರಿದಂತೆ ಹಲವು ಅಧಿಕಾರಿಗಳು ಉಪಸ್ಥಿತರಿದ್ದರು.

ಮೈಸೂರು, ಜು.1(ಎಂಟಿವೈ)–ಮೈಸೂರಿನ ರೇಸ್ ಕೋರ್ಸ್‌ನಲ್ಲಿ ಅಕ್ರಮವಾಗಿ ನಿರ್ಮಿಸಿರುವ ಕಟ್ಟಡಗಳನ್ನು ತೆರವು ಮಾಡಿ ಸ್ವಚ್ಛತೆ ಕಾಪಾಡುವಂತೆ ಪ್ರವಾಸೋದ್ಯಮ ಸಚಿವ ಸಾ.ರಾ.ಮಹೇಶ್ ರೇಸ್ ಕ್ಲಬ್ ಆಡಳಿತ ಮಂಡಳಿಗೆ 3 ತಿಂಗಳ ಗಡುವು ನೀಡಿದರು. ಭಾನುವಾರ ರೇಸ್ ಕೋರ್ಸ್‌ಗೆ ದಿಢೀರ್ ಭೇಟಿ ನೀಡಿದ ಸಚಿವರು, ರೇಸ್ ಕೋರ್ಸ್ ಆವರಣದಲ್ಲಿ ನಿರ್ಮಿಸಿದ್ದ ಕಟ್ಟಡಗಳನ್ನು ಪರಿಶೀಲಿಸಿದರು. ಅಲ್ಲಿನ ಅವ್ಯವಸ್ಥೆ ಕಂಡು ಕೆಂಡಾಮಂಡಲರಾದ ಸಚಿವರು, ಅಧಿಕಾರಿಗಳನ್ನು ತರಾಟೆಗೆ ತೆಗೆದುಕೊಂಡರು. ಕುದುರೆಗಳ ಆರೋಗ್ಯ, ಲಾಯಗಳ ಸ್ವಚ್ಛತೆ ಹಾಗೂ ಸಿಬ್ಬಂದಿಗೆ ಮೂಲ ಸೌಕರ್ಯಗಳ ಬಗ್ಗೆ ಮಾಹಿತಿ ಪಡೆದರು. ರೇಸ್ ಕೋರ್ಸ್ ಆವರಣದಲ್ಲಿ ರಸ್ತೆ, ಚರಂಡಿ ವ್ಯವಸ್ಥೆ ಸರಿಯಾಗಿ ಇಲ್ಲದಿರುವುದನ್ನು ಕಂಡು ನಗರಪಾಲಿಕೆ ಅಧಿಕಾರಿಗಳ ವಿರುದ್ಧ ಅಸಮಾಧಾನ ವ್ಯಕ್ತಪಡಿಸಿದರು. ಕೂಡಲೇ ಸಮಸ್ಯೆ ಬಗೆಹರಿಸುವಂತೆ ಸೂಚನೆ ನೀಡಿದರು.
